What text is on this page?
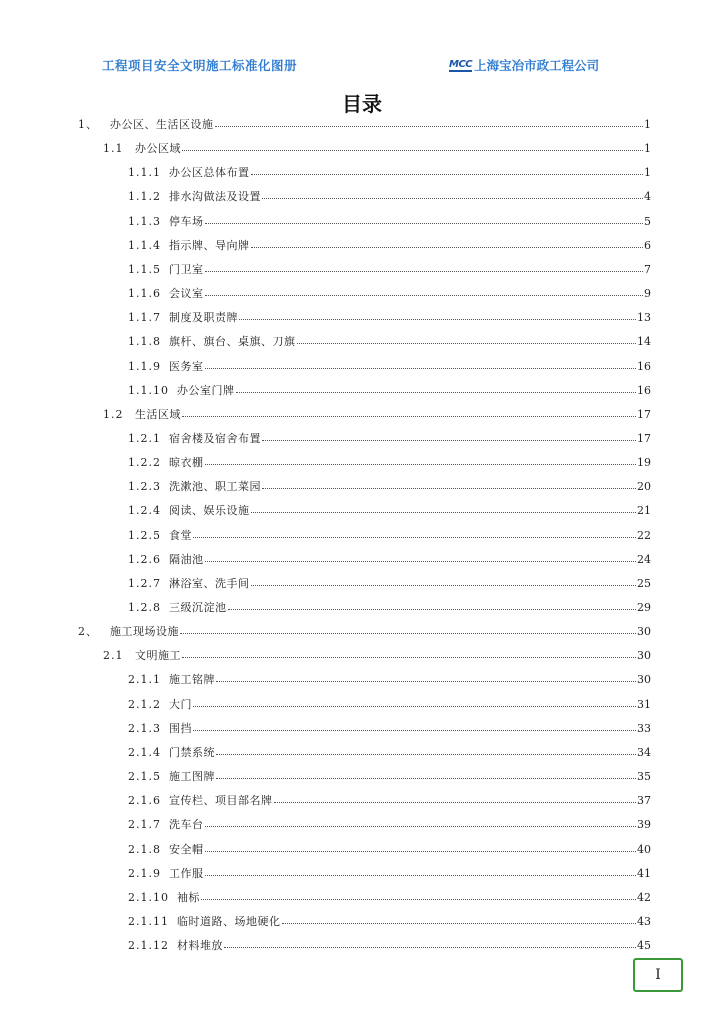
工程项目安全文明施工标准化图册	MCC 上海宝冶市政工程公司
目录
1、	办公区、生活区设施	1
1.1	办公区域	1
1.1.1 办公区总体布置	1
1.1.2 排水沟做法及设置	4
1.1.3 停车场	5
1.1.4 指示牌、导向牌	6
1.1.5 门卫室	7
1.1.6 会议室	9
1.1.7 制度及职责牌	13
1.1.8 旗杆、旗台、桌旗、刀旗	14
1.1.9 医务室	16
1.1.10 办公室门牌	16
1.2	生活区域	17
1.2.1 宿舍楼及宿舍布置	17
1.2.2 晾衣棚	19
1.2.3 洗漱池、职工菜园	20
1.2.4 阅读、娱乐设施	21
1.2.5 食堂	22
1.2.6 隔油池	24
1.2.7 淋浴室、洗手间	25
1.2.8 三级沉淀池	29
2、	施工现场设施	30
2.1	文明施工	30
2.1.1 施工铭牌	30
2.1.2 大门	31
2.1.3 围挡	33
2.1.4 门禁系统	34
2.1.5 施工图牌	35
2.1.6 宣传栏、项目部名牌	37
2.1.7 洗车台	39
2.1.8 安全帽	40
2.1.9 工作服	41
2.1.10 袖标	42
2.1.11 临时道路、场地硬化	43
2.1.12 材料堆放	45
I
